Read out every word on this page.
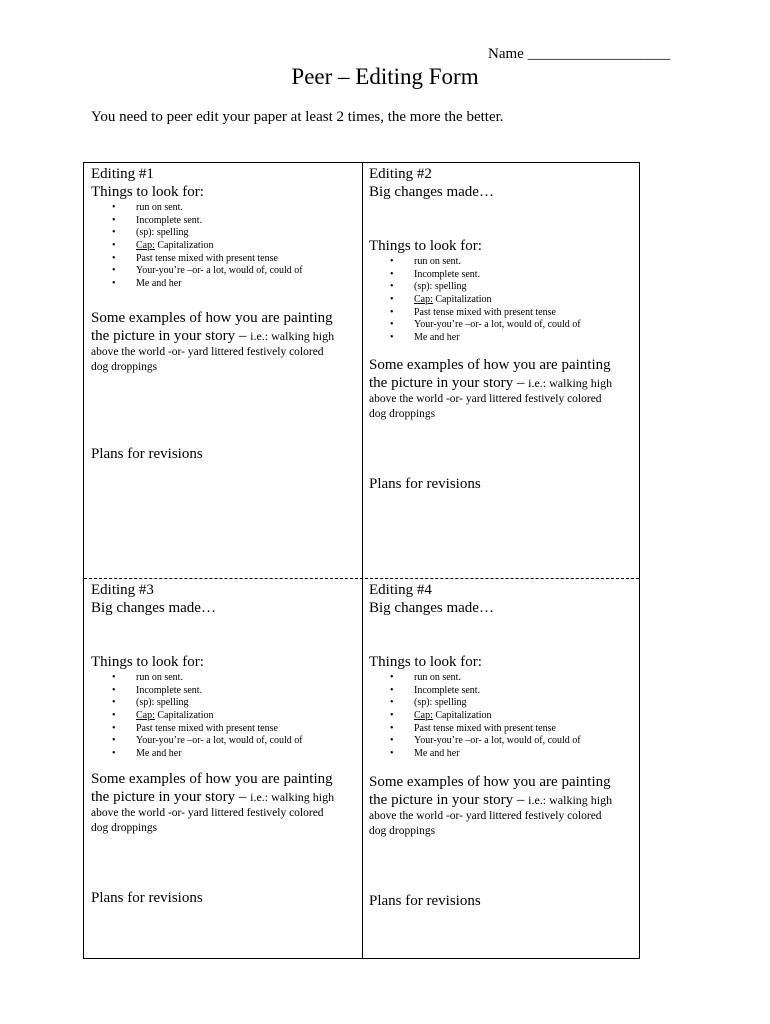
Name ___________________
Peer – Editing Form
You need to peer edit your paper at least 2 times, the more the better.
Editing #1
Things to look for:
• run on sent.
• Incomplete sent.
• (sp): spelling
• Cap: Capitalization
• Past tense mixed with present tense
• Your-you’re –or- a lot, would of, could of
• Me and her
Some examples of how you are painting
the picture in your story – i.e.: walking high
above the world -or- yard littered festively colored
dog droppings
Plans for revisions
Editing #2
Big changes made…
Things to look for:
• run on sent.
• Incomplete sent.
• (sp): spelling
• Cap: Capitalization
• Past tense mixed with present tense
• Your-you’re –or- a lot, would of, could of
• Me and her
Some examples of how you are painting
the picture in your story – i.e.: walking high
above the world -or- yard littered festively colored
dog droppings
Plans for revisions
Editing #3
Big changes made…
Things to look for:
• run on sent.
• Incomplete sent.
• (sp): spelling
• Cap: Capitalization
• Past tense mixed with present tense
• Your-you’re –or- a lot, would of, could of
• Me and her
Some examples of how you are painting
the picture in your story – i.e.: walking high
above the world -or- yard littered festively colored
dog droppings
Plans for revisions
Editing #4
Big changes made…
Things to look for:
• run on sent.
• Incomplete sent.
• (sp): spelling
• Cap: Capitalization
• Past tense mixed with present tense
• Your-you’re –or- a lot, would of, could of
• Me and her
Some examples of how you are painting
the picture in your story – i.e.: walking high
above the world -or- yard littered festively colored
dog droppings
Plans for revisions
